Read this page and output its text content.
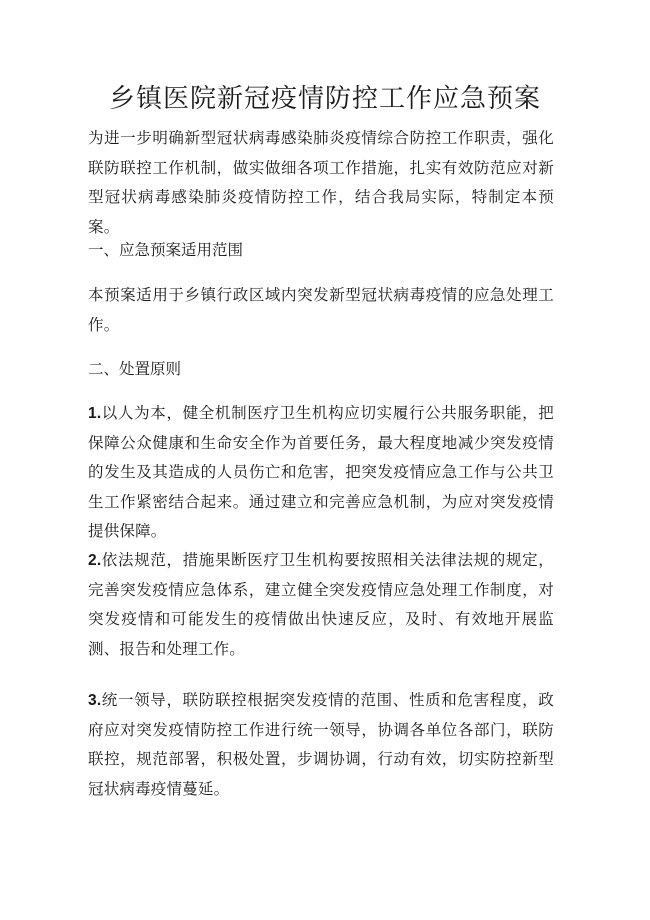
乡镇医院新冠疫情防控工作应急预案

为进一步明确新型冠状病毒感染肺炎疫情综合防控工作职责，强化联防联控工作机制，做实做细各项工作措施，扎实有效防范应对新型冠状病毒感染肺炎疫情防控工作，结合我局实际，特制定本预案。

一、应急预案适用范围

本预案适用于乡镇行政区域内突发新型冠状病毒疫情的应急处理工作。

二、处置原则

1.以人为本，健全机制医疗卫生机构应切实履行公共服务职能，把保障公众健康和生命安全作为首要任务，最大程度地减少突发疫情的发生及其造成的人员伤亡和危害，把突发疫情应急工作与公共卫生工作紧密结合起来。通过建立和完善应急机制，为应对突发疫情提供保障。

2.依法规范，措施果断医疗卫生机构要按照相关法律法规的规定，完善突发疫情应急体系，建立健全突发疫情应急处理工作制度，对突发疫情和可能发生的疫情做出快速反应，及时、有效地开展监测、报告和处理工作。

3.统一领导，联防联控根据突发疫情的范围、性质和危害程度，政府应对突发疫情防控工作进行统一领导，协调各单位各部门，联防联控，规范部署，积极处置，步调协调，行动有效，切实防控新型冠状病毒疫情蔓延。
